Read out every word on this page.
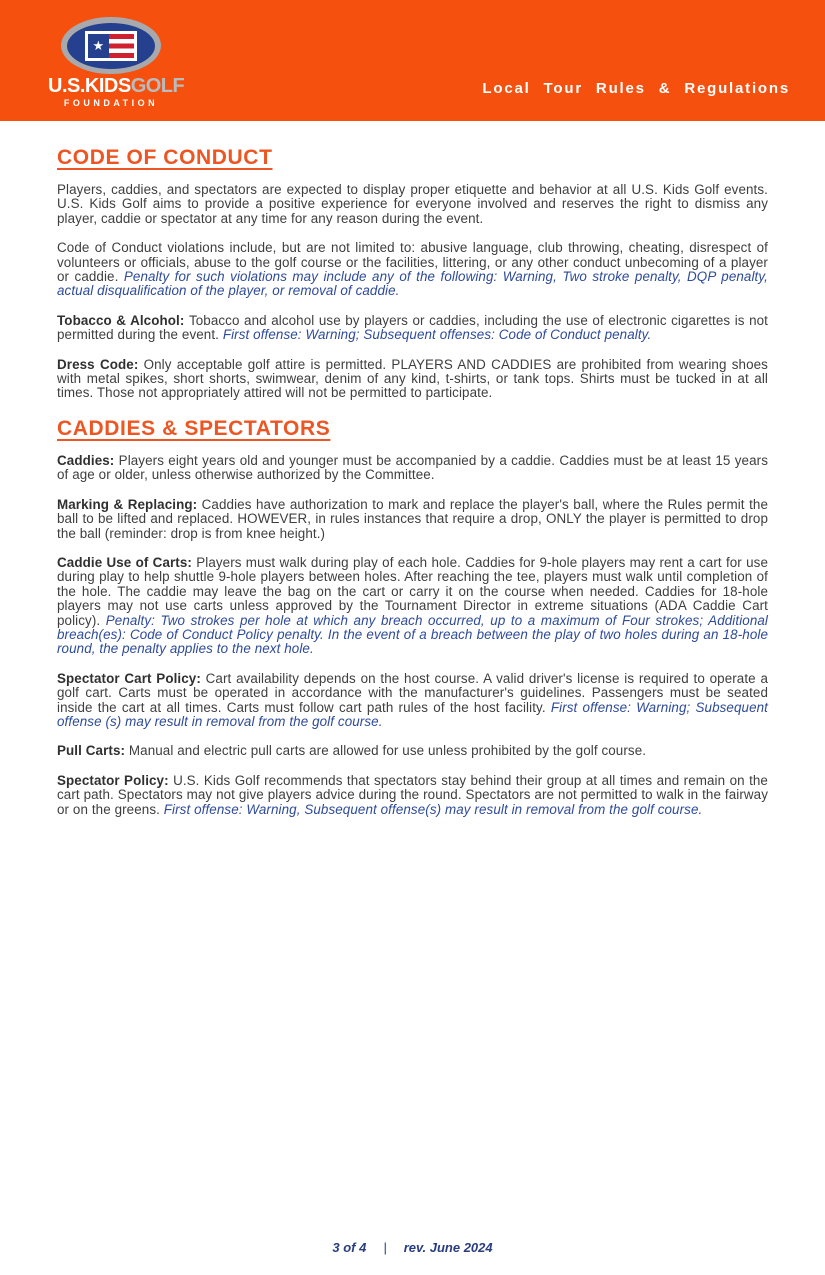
★
U.S.KIDSGOLF
FOUNDATION
Local Tour Rules & Regulations
CODE OF CONDUCT

Players, caddies, and spectators are expected to display proper etiquette and behavior at all U.S. Kids Golf events. U.S. Kids Golf aims to provide a positive experience for everyone involved and reserves the right to dismiss any player, caddie or spectator at any time for any reason during the event.

Code of Conduct violations include, but are not limited to: abusive language, club throwing, cheating, disrespect of volunteers or officials, abuse to the golf course or the facilities, littering, or any other conduct unbecoming of a player or caddie. Penalty for such violations may include any of the following: Warning, Two stroke penalty, DQP penalty, actual disqualification of the player, or removal of caddie.

Tobacco & Alcohol: Tobacco and alcohol use by players or caddies, including the use of electronic cigarettes is not permitted during the event. First offense: Warning; Subsequent offenses: Code of Conduct penalty.

Dress Code: Only acceptable golf attire is permitted. PLAYERS AND CADDIES are prohibited from wearing shoes with metal spikes, short shorts, swimwear, denim of any kind, t-shirts, or tank tops. Shirts must be tucked in at all times. Those not appropriately attired will not be permitted to participate.

CADDIES & SPECTATORS

Caddies: Players eight years old and younger must be accompanied by a caddie. Caddies must be at least 15 years of age or older, unless otherwise authorized by the Committee.

Marking & Replacing: Caddies have authorization to mark and replace the player's ball, where the Rules permit the ball to be lifted and replaced. HOWEVER, in rules instances that require a drop, ONLY the player is permitted to drop the ball (reminder: drop is from knee height.)

Caddie Use of Carts: Players must walk during play of each hole. Caddies for 9-hole players may rent a cart for use during play to help shuttle 9-hole players between holes. After reaching the tee, players must walk until completion of the hole. The caddie may leave the bag on the cart or carry it on the course when needed. Caddies for 18-hole players may not use carts unless approved by the Tournament Director in extreme situations (ADA Caddie Cart policy). Penalty: Two strokes per hole at which any breach occurred, up to a maximum of Four strokes; Additional breach(es): Code of Conduct Policy penalty. In the event of a breach between the play of two holes during an 18-hole round, the penalty applies to the next hole.

Spectator Cart Policy: Cart availability depends on the host course. A valid driver's license is required to operate a golf cart. Carts must be operated in accordance with the manufacturer's guidelines. Passengers must be seated inside the cart at all times. Carts must follow cart path rules of the host facility. First offense: Warning; Subsequent offense (s) may result in removal from the golf course.

Pull Carts: Manual and electric pull carts are allowed for use unless prohibited by the golf course.

Spectator Policy: U.S. Kids Golf recommends that spectators stay behind their group at all times and remain on the cart path. Spectators may not give players advice during the round. Spectators are not permitted to walk in the fairway or on the greens. First offense: Warning, Subsequent offense(s) may result in removal from the golf course.

3 of 4 | rev. June 2024
